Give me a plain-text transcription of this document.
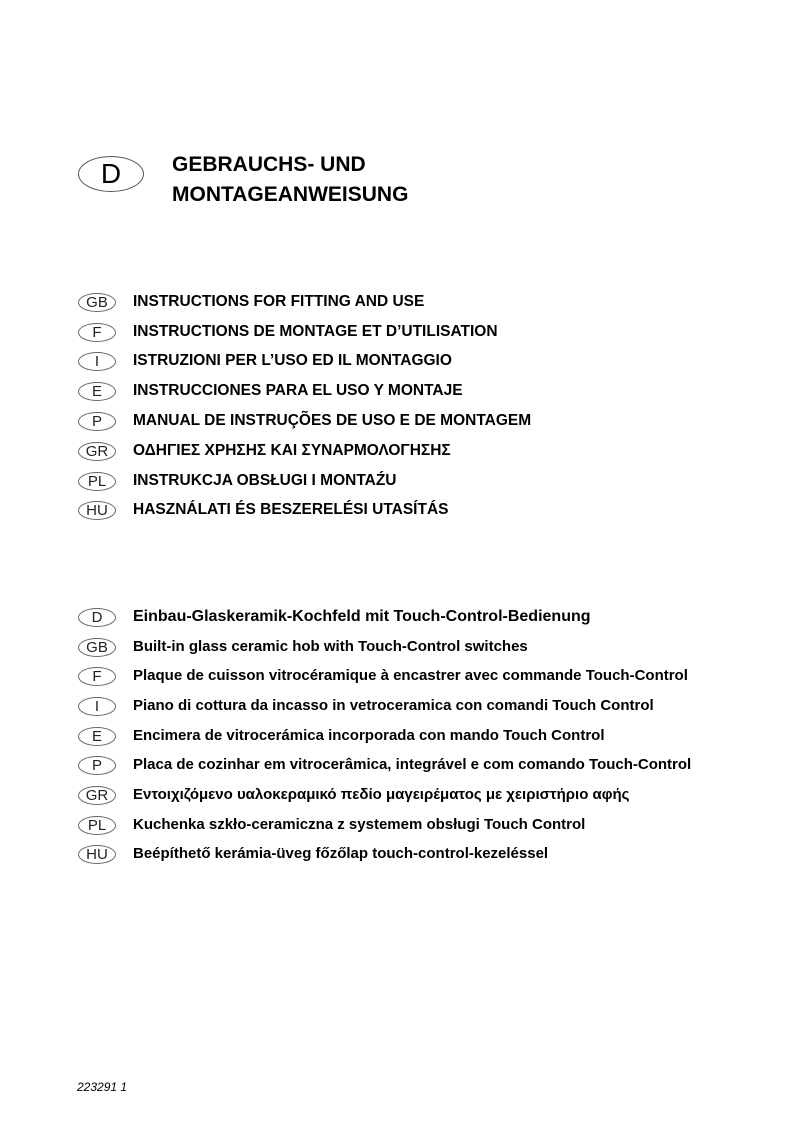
D	GEBRAUCHS- UND
MONTAGEANWEISUNG
GB	INSTRUCTIONS FOR FITTING AND USE
F	INSTRUCTIONS DE MONTAGE ET D’UTILISATION
I	ISTRUZIONI PER L’USO ED IL MONTAGGIO
E	INSTRUCCIONES PARA EL USO Y MONTAJE
P	MANUAL DE INSTRUÇÕES DE USO E DE MONTAGEM
GR	ΟΔΗΓΙΕΣ ΧΡΗΣΗΣ ΚΑΙ ΣΥΝΑΡΜΟΛΟΓΗΣΗΣ
PL	INSTRUKCJA OBSŁUGI I MONTAŹU
HU	HASZNÁLATI ÉS BESZERELÉSI UTASÍTÁS
D	Einbau-Glaskeramik-Kochfeld mit Touch-Control-Bedienung
GB	Built-in glass ceramic hob with Touch-Control switches
F	Plaque de cuisson vitrocéramique à encastrer avec commande Touch-Control
I	Piano di cottura da incasso in vetroceramica con comandi Touch Control
E	Encimera de vitrocerámica incorporada con mando Touch Control
P	Placa de cozinhar em vitrocerâmica, integrável e com comando Touch-Control
GR	Εντοιχιζόμενο υαλοκεραμικό πεδίο μαγειρέματος με χειριστήριο αφής
PL	Kuchenka szkło-ceramiczna z systemem obsługi Touch Control
HU	Beépíthető kerámia-üveg főzőlap touch-control-kezeléssel
223291 1
